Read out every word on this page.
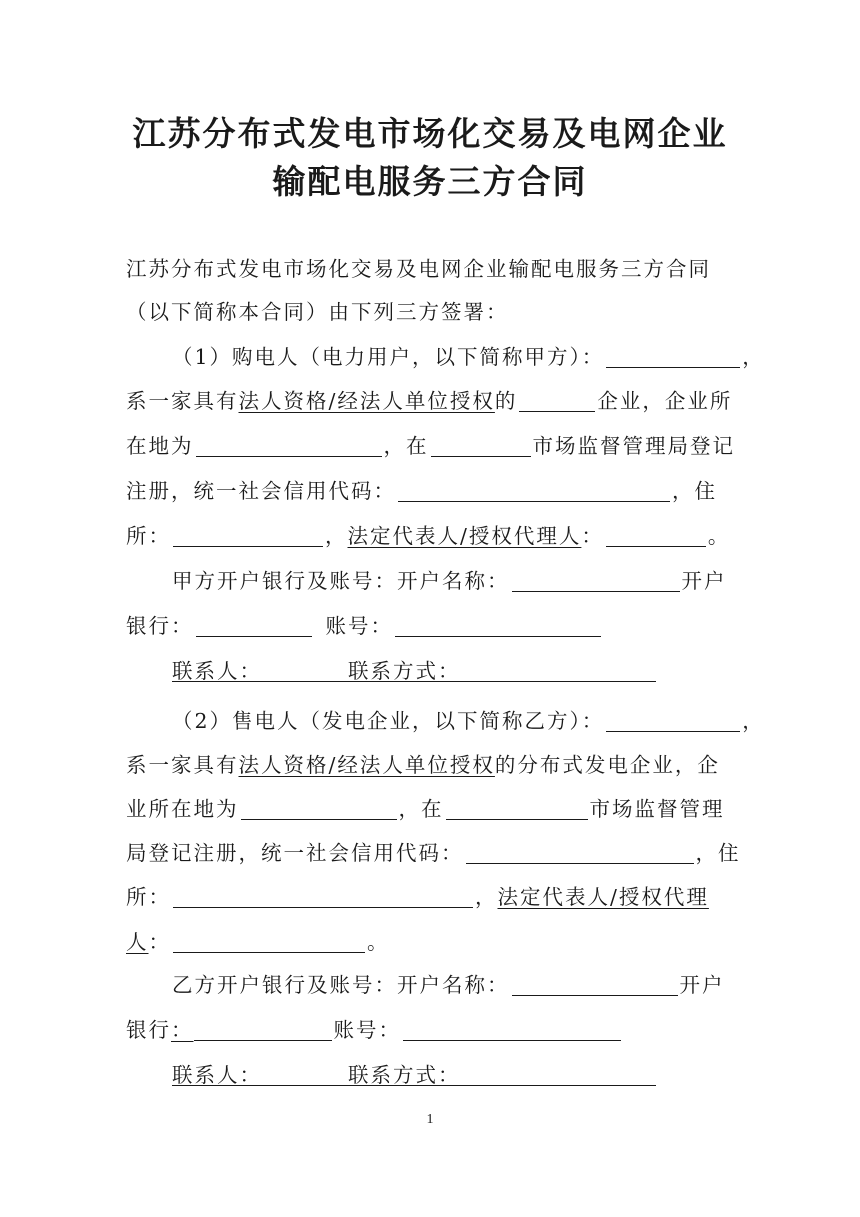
江苏分布式发电市场化交易及电网企业
输配电服务三方合同
江苏分布式发电市场化交易及电网企业输配电服务三方合同
（以下简称本合同）由下列三方签署：
（1）购电人（电力用户，以下简称甲方）：	，
系一家具有法人资格/经法人单位授权的	企业，企业所
在地为	，在	市场监督管理局登记
注册，统一社会信用代码：	，住
所：	，法定代表人/授权代理人：	。
甲方开户银行及账号：开户名称：	开户
银行：	账号：
联系人：	联系方式：
（2）售电人（发电企业，以下简称乙方）：	，
系一家具有法人资格/经法人单位授权的分布式发电企业，企
业所在地为	，在	市场监督管理
局登记注册，统一社会信用代码：	，住
所：	，法定代表人/授权代理
人：	。
乙方开户银行及账号：开户名称：	开户
银行：	账号：
联系人：	联系方式：
1
